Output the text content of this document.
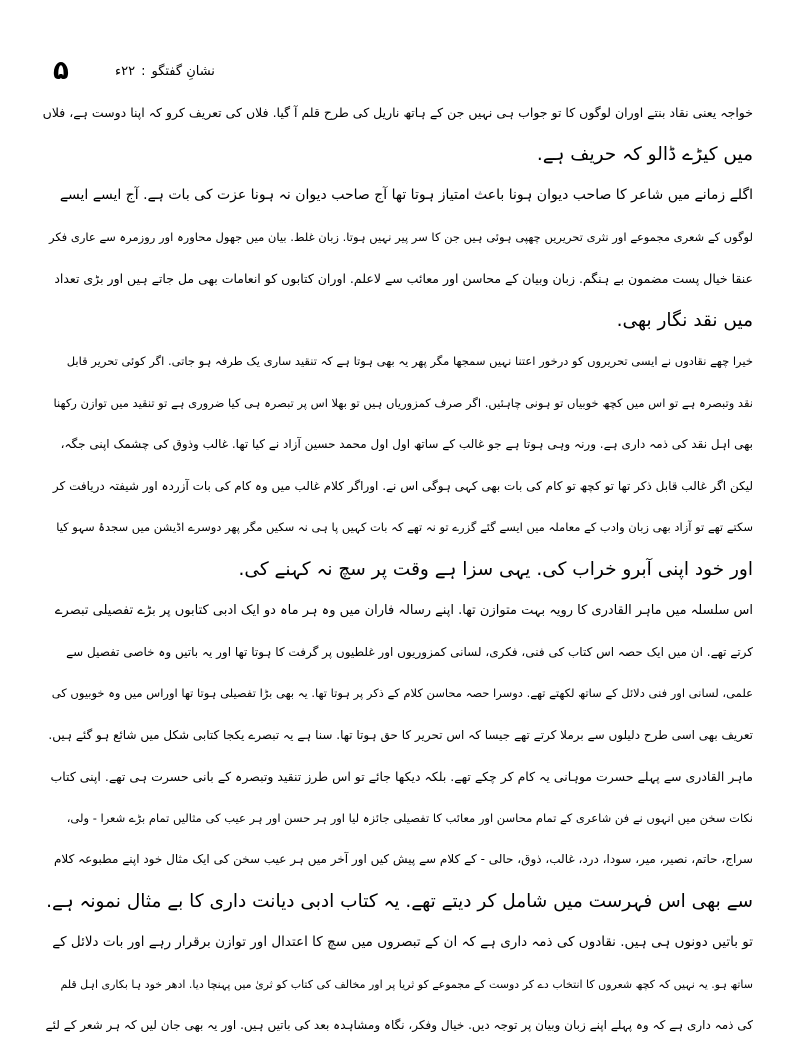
۵	نشانِ گفتگو:۲۲ء
خواجہ یعنی نقاد بنتے اوران لوگوں کا تو جواب ہی نہیں جن کے ہاتھ ناریل کی طرح قلم آ گیا. فلاں کی تعریف کرو کہ اپنا دوست ہے، فلاں
میں کیڑے ڈالو کہ حریف ہے.
اگلے زمانے میں شاعر کا صاحب دیوان ہونا باعث امتیاز ہوتا تھا آج صاحب دیوان نہ ہونا عزت کی بات ہے. آج ایسے ایسے
لوگوں کے شعری مجموعے اور نثری تحریریں چھپی ہوئی ہیں جن کا سر پیر نہیں ہوتا. زبان غلط. بیان میں جھول محاورہ اور روزمرہ سے عاری فکر
عنقا خیال پست مضمون بے ہنگم. زبان وبیان کے محاسن اور معائب سے لاعلم. اوران کتابوں کو انعامات بھی مل جاتے ہیں اور بڑی تعداد
میں نقد نگار بھی.
خیرا چھے نقادوں نے ایسی تحریروں کو درخور اعتنا نہیں سمجھا مگر پھر یہ بھی ہوتا ہے کہ تنقید ساری یک طرفہ ہو جاتی. اگر کوئی تحریر قابل
نقد وتبصرہ ہے تو اس میں کچھ خوبیاں تو ہونی چاہئیں. اگر صرف کمزوریاں ہیں تو بھلا اس پر تبصرہ ہی کیا ضروری ہے تو تنقید میں توازن رکھنا
بھی اہل نقد کی ذمہ داری ہے. ورنہ وہی ہوتا ہے جو غالب کے ساتھ اول اول محمد حسین آزاد نے کیا تھا. غالب وذوق کی چشمک اپنی جگہ،
لیکن اگر غالب قابل ذکر تھا تو کچھ تو کام کی بات بھی کہی ہوگی اس نے. اوراگر کلام غالب میں وہ کام کی بات آزردہ اور شیفتہ دریافت کر
سکتے تھے تو آزاد بھی زبان وادب کے معاملہ میں ایسے گئے گزرے تو نہ تھے کہ بات کہیں پا ہی نہ سکیں مگر پھر دوسرے اڈیشن میں سجدۂ سہو کیا
اور خود اپنی آبرو خراب کی. یہی سزا ہے وقت پر سچ نہ کہنے کی.
اس سلسلہ میں ماہر القادری کا رویہ بہت متوازن تھا. اپنے رسالہ فاران میں وہ ہر ماہ دو ایک ادبی کتابوں پر بڑے تفصیلی تبصرے
کرتے تھے. ان میں ایک حصہ اس کتاب کی فنی، فکری، لسانی کمزوریوں اور غلطیوں پر گرفت کا ہوتا تھا اور یہ باتیں وہ خاصی تفصیل سے
علمی، لسانی اور فنی دلائل کے ساتھ لکھتے تھے. دوسرا حصہ محاسن کلام کے ذکر پر ہوتا تھا. یہ بھی بڑا تفصیلی ہوتا تھا اوراس میں وہ خوبیوں کی
تعریف بھی اسی طرح دلیلوں سے برملا کرتے تھے جیسا کہ اس تحریر کا حق ہوتا تھا. سنا ہے یہ تبصرے یکجا کتابی شکل میں شائع ہو گئے ہیں.
ماہر القادری سے پہلے حسرت موہانی یہ کام کر چکے تھے. بلکہ دیکھا جائے تو اس طرز تنقید وتبصرہ کے بانی حسرت ہی تھے. اپنی کتاب
نکات سخن میں انہوں نے فن شاعری کے تمام محاسن اور معائب کا تفصیلی جائزہ لیا اور ہر حسن اور ہر عیب کی مثالیں تمام بڑے شعرا - ولی،
سراج، حاتم، نصیر، میر، سودا، درد، غالب، ذوق، حالی - کے کلام سے پیش کیں اور آخر میں ہر عیب سخن کی ایک مثال خود اپنے مطبوعہ کلام
سے بھی اس فہرست میں شامل کر دیتے تھے. یہ کتاب ادبی دیانت داری کا بے مثال نمونہ ہے.
تو باتیں دونوں ہی ہیں. نقادوں کی ذمہ داری ہے کہ ان کے تبصروں میں سچ کا اعتدال اور توازن برقرار رہے اور بات دلائل کے
ساتھ ہو. یہ نہیں کہ کچھ شعروں کا انتخاب دے کر دوست کے مجموعے کو ثریا پر اور مخالف کی کتاب کو ثریٰ میں پہنچا دیا. ادھر خود ہا بکاری اہل قلم
کی ذمہ داری ہے کہ وہ پہلے اپنے زبان وبیان پر توجہ دیں. خیال وفکر، نگاہ ومشاہدہ بعد کی باتیں ہیں. اور یہ بھی جان لیں کہ ہر شعر کے لئے
